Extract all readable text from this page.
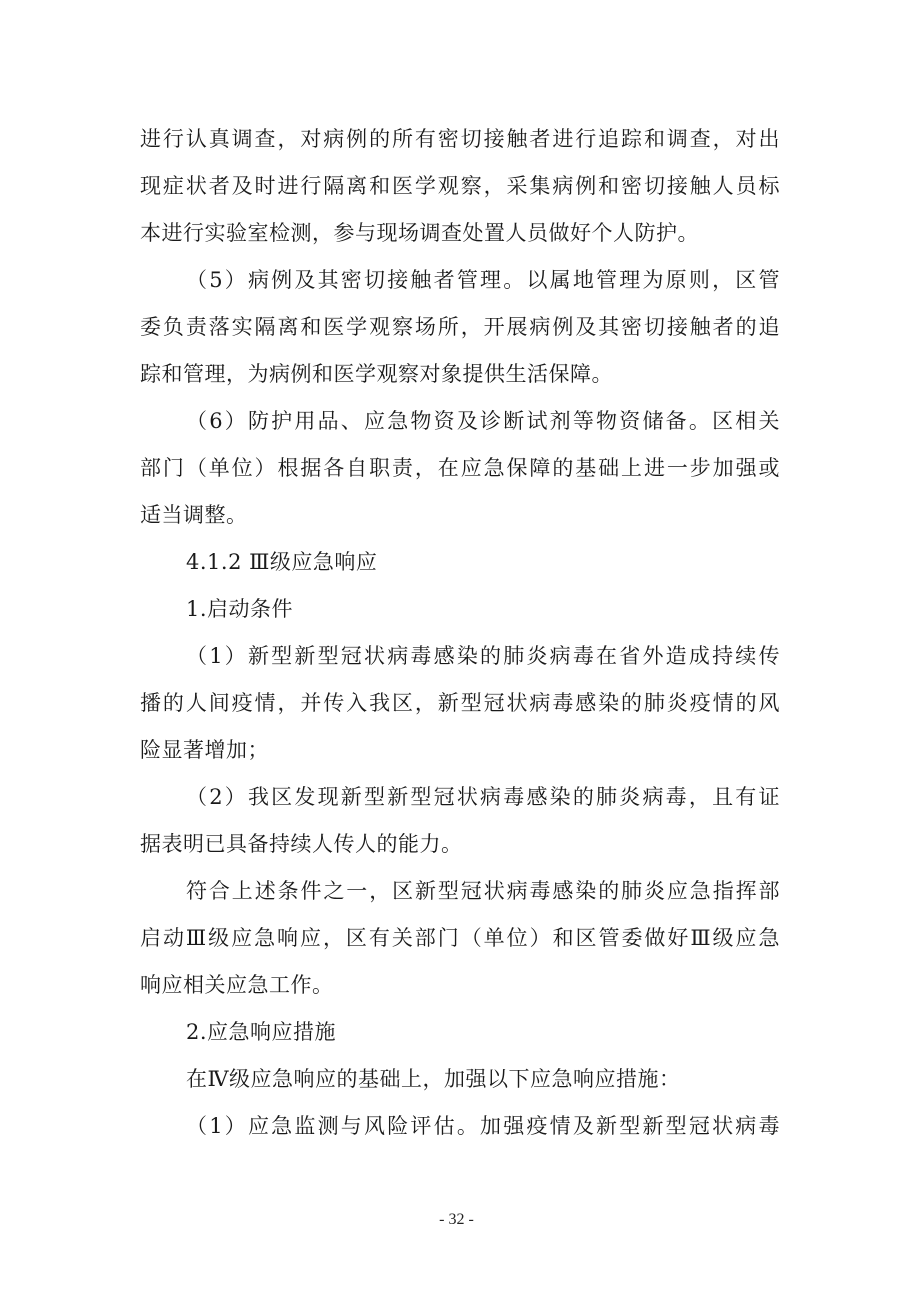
进行认真调查，对病例的所有密切接触者进行追踪和调查，对出
现症状者及时进行隔离和医学观察，采集病例和密切接触人员标
本进行实验室检测，参与现场调查处置人员做好个人防护。
（5）病例及其密切接触者管理。以属地管理为原则，区管
委负责落实隔离和医学观察场所，开展病例及其密切接触者的追
踪和管理，为病例和医学观察对象提供生活保障。
（6）防护用品、应急物资及诊断试剂等物资储备。区相关
部门（单位）根据各自职责，在应急保障的基础上进一步加强或
适当调整。
4.1.2 Ⅲ级应急响应
1.启动条件
（1）新型新型冠状病毒感染的肺炎病毒在省外造成持续传
播的人间疫情，并传入我区，新型冠状病毒感染的肺炎疫情的风
险显著增加；
（2）我区发现新型新型冠状病毒感染的肺炎病毒，且有证
据表明已具备持续人传人的能力。
符合上述条件之一，区新型冠状病毒感染的肺炎应急指挥部
启动Ⅲ级应急响应，区有关部门（单位）和区管委做好Ⅲ级应急
响应相关应急工作。
2.应急响应措施
在Ⅳ级应急响应的基础上，加强以下应急响应措施：
（1）应急监测与风险评估。加强疫情及新型新型冠状病毒
- 32 -
